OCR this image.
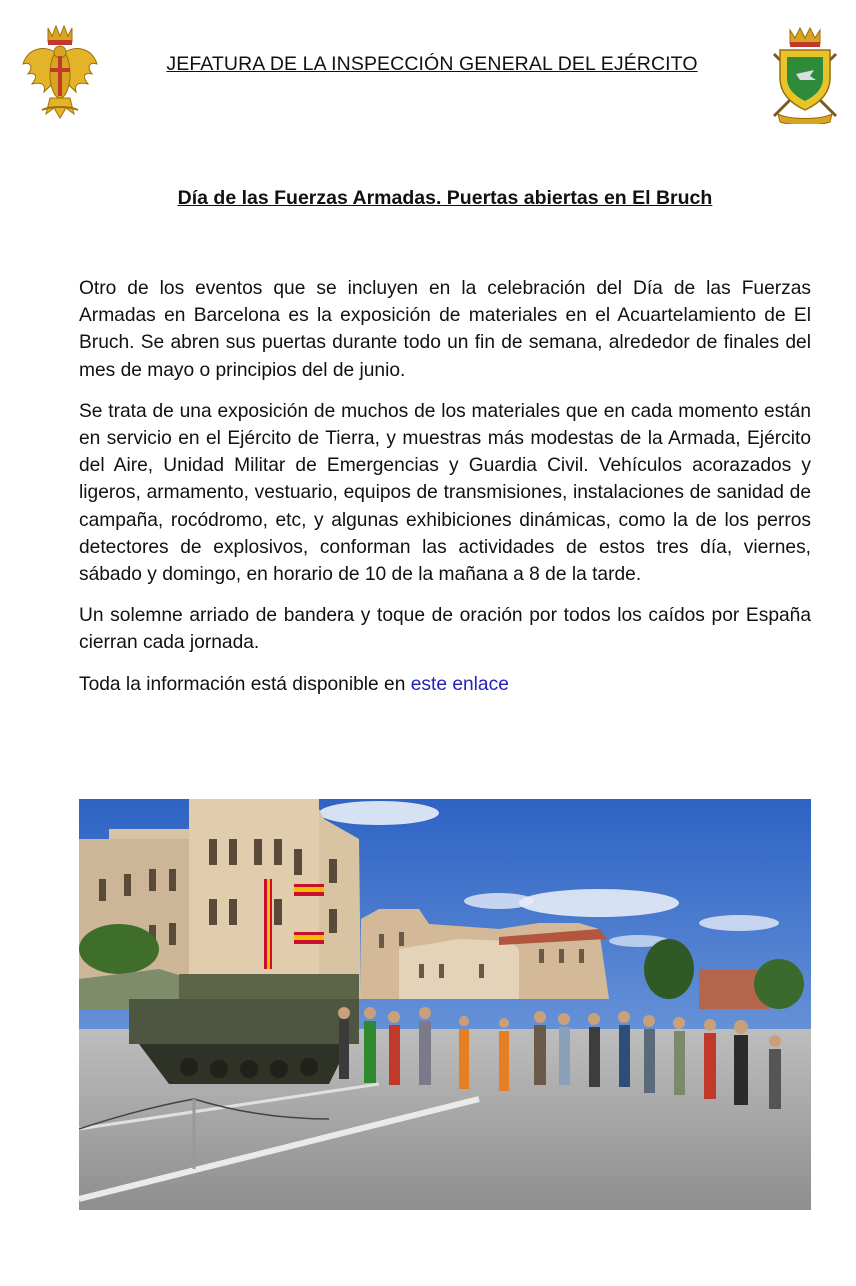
JEFATURA DE LA INSPECCIÓN GENERAL DEL EJÉRCITO
Día de las Fuerzas Armadas. Puertas abiertas en El Bruch

Otro de los eventos que se incluyen en la celebración del Día de las Fuerzas Armadas en Barcelona es la exposición de materiales en el Acuartelamiento de El Bruch. Se abren sus puertas durante todo un fin de semana, alrededor de finales del mes de mayo o principios del de junio.

Se trata de una exposición de muchos de los materiales que en cada momento están en servicio en el Ejército de Tierra, y muestras más modestas de la Armada, Ejército del Aire, Unidad Militar de Emergencias y Guardia Civil. Vehículos acorazados y ligeros, armamento, vestuario, equipos de transmisiones, instalaciones de sanidad de campaña, rocódromo, etc, y algunas exhibiciones dinámicas, como la de los perros detectores de explosivos, conforman las actividades de estos tres día, viernes, sábado y domingo, en horario de 10 de la mañana a 8 de la tarde.

Un solemne arriado de bandera y toque de oración por todos los caídos por España cierran cada jornada.

Toda la información está disponible en este enlace
